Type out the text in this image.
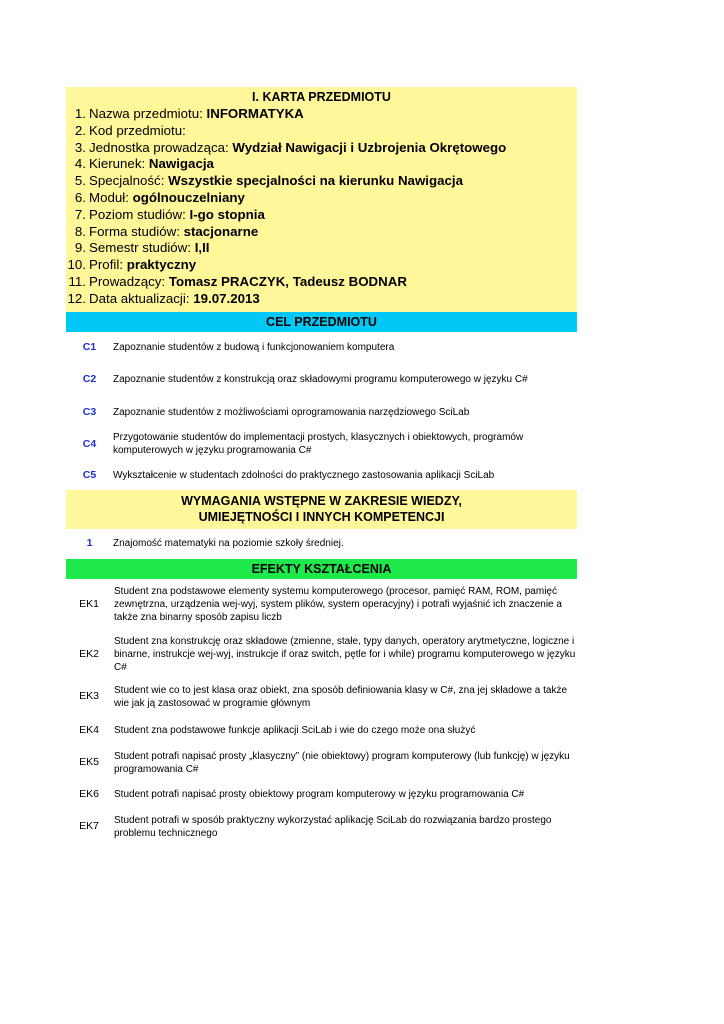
I. KARTA PRZEDMIOTU
1. Nazwa przedmiotu:
INFORMATYKA
2. Kod przedmiotu:

3. Jednostka prowadząca:
Wydział Nawigacji i Uzbrojenia Okrętowego
4. Kierunek:
Nawigacja
5. Specjalność:
Wszystkie specjalności na kierunku Nawigacja
6. Moduł:
ogólnouczelniany
7. Poziom studiów:
I-go stopnia
8. Forma studiów:
stacjonarne
9. Semestr studiów:
I,II
10. Profil:
praktyczny
11. Prowadzący:
Tomasz PRACZYK, Tadeusz BODNAR
12. Data aktualizacji:
19.07.2013
CEL PRZEDMIOTU
C1	Zapoznanie studentów z budową i funkcjonowaniem komputera
C2	Zapoznanie studentów z konstrukcją oraz składowymi programu komputerowego w języku C#
C3	Zapoznanie studentów z możliwościami oprogramowania narzędziowego SciLab
C4	Przygotowanie studentów do implementacji prostych, klasycznych i obiektowych, programów komputerowych w języku programowania C#
C5	Wykształcenie w studentach zdolności do praktycznego zastosowania aplikacji SciLab
WYMAGANIA WSTĘPNE W ZAKRESIE WIEDZY,
UMIEJĘTNOŚCI I INNYCH KOMPETENCJI
1	Znajomość matematyki na poziomie szkoły średniej.
EFEKTY KSZTAŁCENIA
EK1
Student zna podstawowe elementy systemu komputerowego (procesor, pamięć RAM, ROM, pamięć zewnętrzna, urządzenia wej-wyj, system plików, system operacyjny) i potrafi wyjaśnić ich znaczenie a także zna binarny sposób zapisu liczb
EK2
Student zna konstrukcję oraz składowe (zmienne, stałe, typy danych, operatory arytmetyczne, logiczne i binarne, instrukcje wej-wyj, instrukcje if oraz switch, pętle for i while) programu komputerowego w języku C#
EK3	Student wie co to jest klasa oraz obiekt, zna sposób definiowania klasy w C#, zna jej składowe a także wie jak ją zastosować w programie głównym
EK4	Student zna podstawowe funkcje aplikacji SciLab i wie do czego może ona służyć
EK5	Student potrafi napisać prosty „klasyczny” (nie obiektowy) program komputerowy (lub funkcję) w języku programowania C#
EK6	Student potrafi napisać prosty obiektowy program komputerowy w języku programowania C#
EK7	Student potrafi w sposób praktyczny wykorzystać aplikację SciLab do rozwiązania bardzo prostego problemu technicznego
